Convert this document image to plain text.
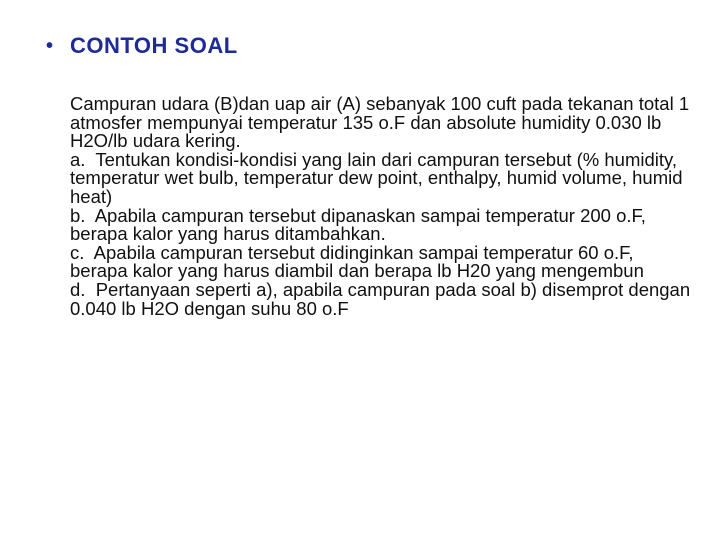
• CONTOH SOAL

Campuran udara (B)dan uap air (A) sebanyak 100 cuft pada tekanan total 1 atmosfer mempunyai temperatur 135 o.F dan absolute humidity 0.030 lb H2O/lb udara kering.

a.  Tentukan kondisi-kondisi yang lain dari campuran tersebut (% humidity, temperatur wet bulb, temperatur dew point, enthalpy, humid volume, humid heat)

b.  Apabila campuran tersebut dipanaskan sampai temperatur 200 o.F, berapa kalor yang harus ditambahkan.

c.  Apabila campuran tersebut didinginkan sampai temperatur 60 o.F, berapa kalor yang harus diambil dan berapa lb H20 yang mengembun

d.  Pertanyaan seperti a), apabila campuran pada soal b) disemprot dengan 0.040 lb H2O dengan suhu 80 o.F
